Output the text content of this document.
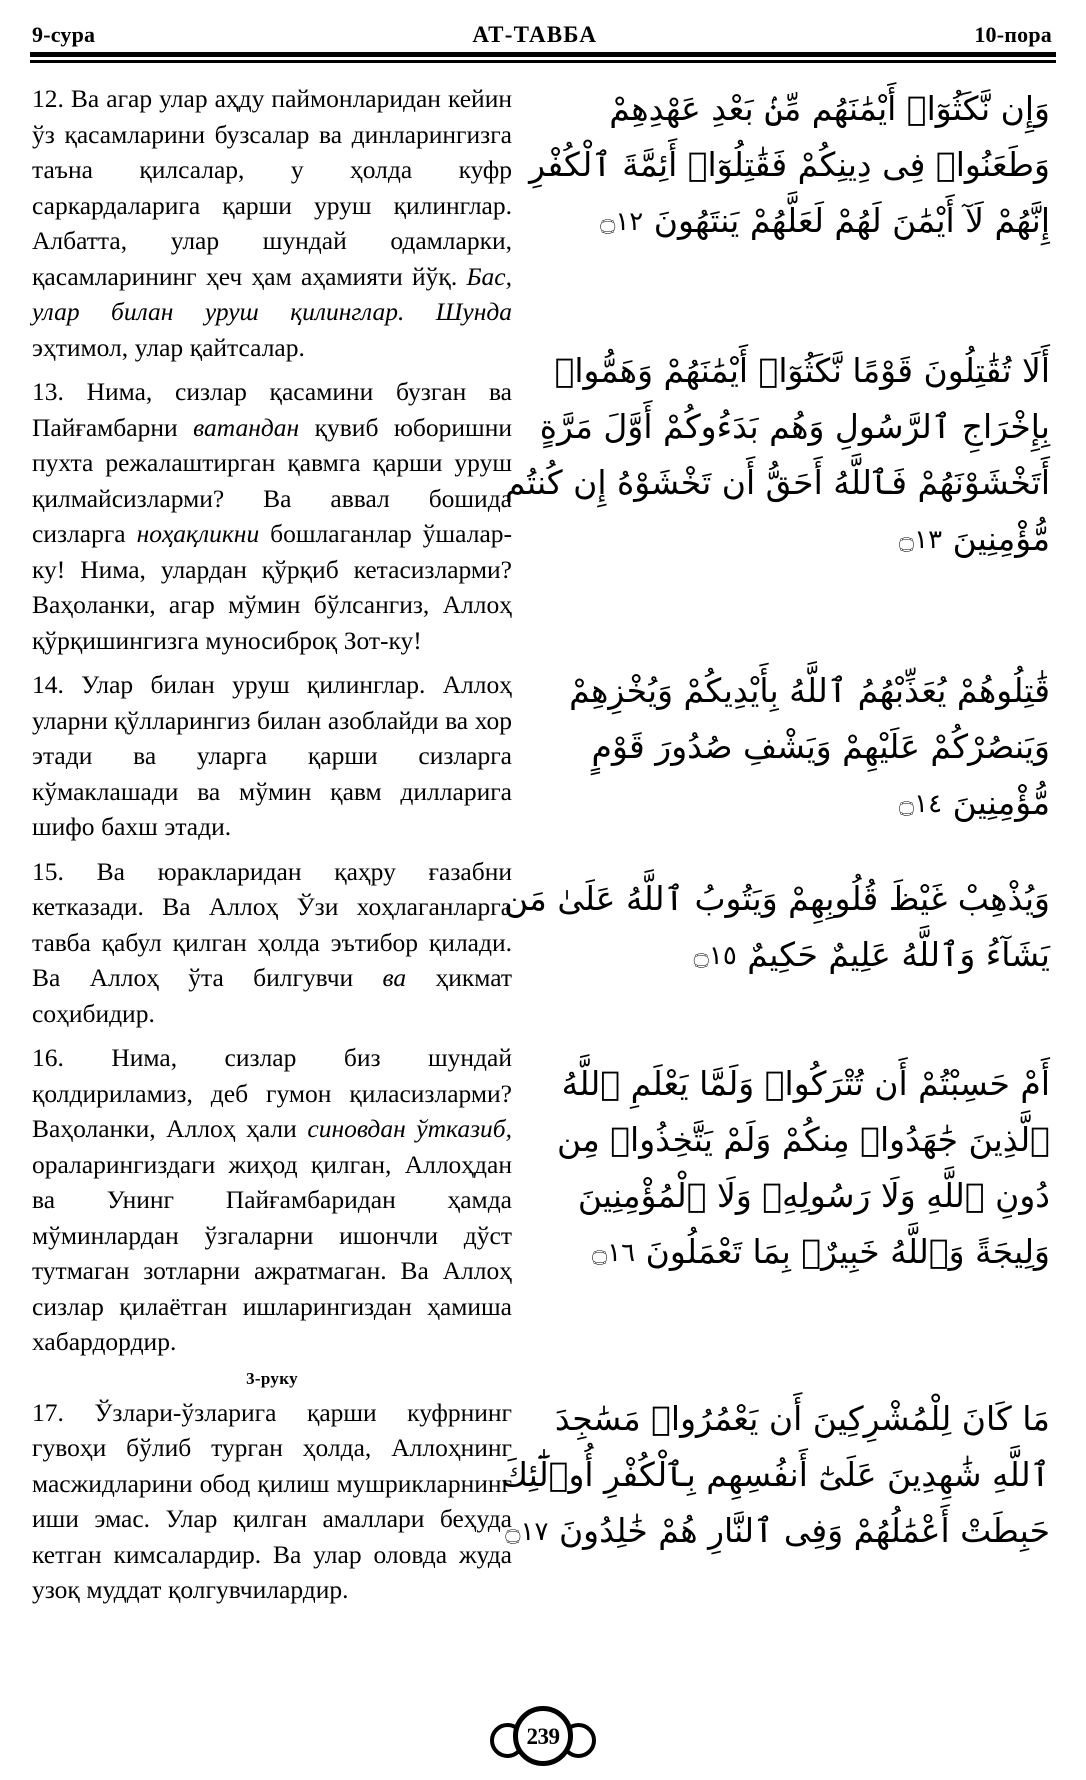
9-сура	АТ-ТАВБА	10-пора

12. Ва агар улар аҳду паймонларидан кейин ўз қасамларини бузсалар ва динларингизга таъна қилсалар, у ҳолда куфр саркардаларига қарши уруш қилинглар. Албатта, улар шундай одамларки, қасамларининг ҳеч ҳам аҳамияти йўқ. Бас, улар билан уруш қилинглар. Шунда эҳтимол, улар қайтсалар.

13. Нима, сизлар қасамини бузган ва Пайғамбарни ватандан қувиб юборишни пухта режалаштирган қавмга қарши уруш қилмайсизларми? Ва аввал бошида сизларга ноҳақликни бошлаганлар ўшалар-ку! Нима, улардан қўрқиб кетасизларми? Ваҳоланки, агар мўмин бўлсангиз, Аллоҳ қўрқишингизга муносиброқ Зот-ку!

14. Улар билан уруш қилинглар. Аллоҳ уларни қўлларингиз билан азоблайди ва хор этади ва уларга қарши сизларга кўмаклашади ва мўмин қавм дилларига шифо бахш этади.

15. Ва юракларидан қаҳру ғазабни кетказади. Ва Аллоҳ Ўзи хоҳлаганларга тавба қабул қилган ҳолда эътибор қилади. Ва Аллоҳ ўта билгувчи ва ҳикмат соҳибидир.

16. Нима, сизлар биз шундай қолдириламиз, деб гумон қиласизларми? Ваҳоланки, Аллоҳ ҳали синовдан ўтказиб, ораларингиздаги жиҳод қилган, Аллоҳдан ва Унинг Пайғамбаридан ҳамда мўминлардан ўзгаларни ишончли дўст тутмаган зотларни ажратмаган. Ва Аллоҳ сизлар қилаётган ишларингиздан ҳамиша хабардордир.

3-руку

17. Ўзлари-ўзларига қарши куфрнинг гувоҳи бўлиб турган ҳолда, Аллоҳнинг масжидларини обод қилиш мушрикларнинг иши эмас. Улар қилган амаллари беҳуда кетган кимсалардир. Ва улар оловда жуда узоқ муддат қолгувчилардир.

وَإِن نَّكَثُوٓا۟ أَيْمَٰنَهُم مِّنۢ بَعْدِ عَهْدِهِمْ وَطَعَنُوا۟ فِى دِينِكُمْ فَقَٰتِلُوٓا۟ أَئِمَّةَ ٱلْكُفْرِ إِنَّهُمْ لَآ أَيْمَٰنَ لَهُمْ لَعَلَّهُمْ يَنتَهُونَ ۝١٢
أَلَا تُقَٰتِلُونَ قَوْمًا نَّكَثُوٓا۟ أَيْمَٰنَهُمْ وَهَمُّوا۟ بِإِخْرَاجِ ٱلرَّسُولِ وَهُم بَدَءُوكُمْ أَوَّلَ مَرَّةٍ أَتَخْشَوْنَهُمْ فَٱللَّهُ أَحَقُّ أَن تَخْشَوْهُ إِن كُنتُم مُّؤْمِنِينَ ۝١٣
قَٰتِلُوهُمْ يُعَذِّبْهُمُ ٱللَّهُ بِأَيْدِيكُمْ وَيُخْزِهِمْ وَيَنصُرْكُمْ عَلَيْهِمْ وَيَشْفِ صُدُورَ قَوْمٍ مُّؤْمِنِينَ ۝١٤
وَيُذْهِبْ غَيْظَ قُلُوبِهِمْ وَيَتُوبُ ٱللَّهُ عَلَىٰ مَن يَشَآءُ وَٱللَّهُ عَلِيمٌ حَكِيمٌ ۝١٥
أَمْ حَسِبْتُمْ أَن تُتْرَكُوا۟ وَلَمَّا يَعْلَمِ ٱللَّهُ ٱلَّذِينَ جَٰهَدُوا۟ مِنكُمْ وَلَمْ يَتَّخِذُوا۟ مِن دُونِ ٱللَّهِ وَلَا رَسُولِهِۦ وَلَا ٱلْمُؤْمِنِينَ وَلِيجَةً وَٱللَّهُ خَبِيرٌۢ بِمَا تَعْمَلُونَ ۝١٦
مَا كَانَ لِلْمُشْرِكِينَ أَن يَعْمُرُوا۟ مَسَٰجِدَ ٱللَّهِ شَٰهِدِينَ عَلَىٰٓ أَنفُسِهِم بِٱلْكُفْرِ أُو۟لَٰٓئِكَ حَبِطَتْ أَعْمَٰلُهُمْ وَفِى ٱلنَّارِ هُمْ خَٰلِدُونَ ۝١٧
239
